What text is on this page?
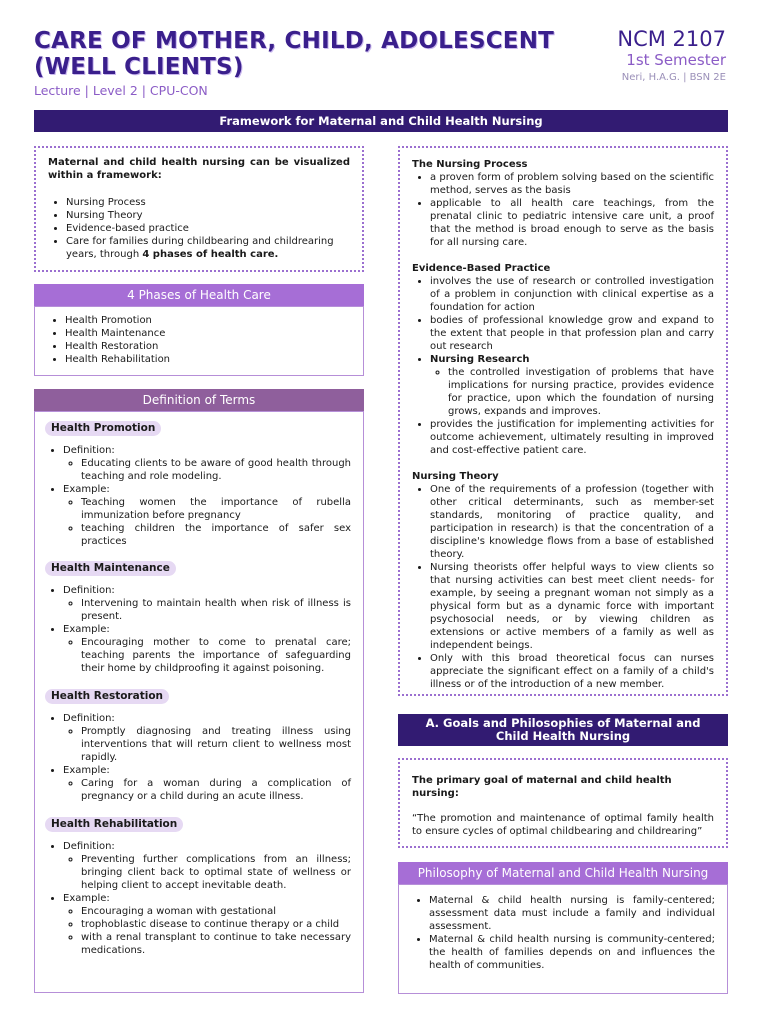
CARE OF MOTHER, CHILD, ADOLESCENT (WELL CLIENTS)
Lecture | Level 2 | CPU-CON
NCM 2107
1st Semester
Neri, H.A.G. | BSN 2E
Framework for Maternal and Child Health Nursing

Maternal and child health nursing can be visualized within a framework:

• Nursing Process
• Nursing Theory
• Evidence-based practice
• Care for families during childbearing and childrearing years, through 4 phases of health care.
4 Phases of Health Care
• Health Promotion
• Health Maintenance
• Health Restoration
• Health Rehabilitation
Definition of Terms
Health Promotion
• Definition:
◦ Educating clients to be aware of good health through teaching and role modeling.
• Example:
◦ Teaching women the importance of rubella immunization before pregnancy
◦ teaching children the importance of safer sex practices
Health Maintenance
• Definition:
◦ Intervening to maintain health when risk of illness is present.
• Example:
◦ Encouraging mother to come to prenatal care; teaching parents the importance of safeguarding their home by childproofing it against poisoning.
Health Restoration
• Definition:
◦ Promptly diagnosing and treating illness using interventions that will return client to wellness most rapidly.
• Example:
◦ Caring for a woman during a complication of pregnancy or a child during an acute illness.
Health Rehabilitation
• Definition:
◦ Preventing further complications from an illness; bringing client back to optimal state of wellness or helping client to accept inevitable death.
• Example:
◦ Encouraging a woman with gestational
◦ trophoblastic disease to continue therapy or a child
◦ with a renal transplant to continue to take necessary medications.

The Nursing Process

• a proven form of problem solving based on the scientific method, serves as the basis
• applicable to all health care teachings, from the prenatal clinic to pediatric intensive care unit, a proof that the method is broad enough to serve as the basis for all nursing care.

Evidence-Based Practice

• involves the use of research or controlled investigation of a problem in conjunction with clinical expertise as a foundation for action
• bodies of professional knowledge grow and expand to the extent that people in that profession plan and carry out research
• Nursing Research
◦ the controlled investigation of problems that have implications for nursing practice, provides evidence for practice, upon which the foundation of nursing grows, expands and improves.
• provides the justification for implementing activities for outcome achievement, ultimately resulting in improved and cost-effective patient care.

Nursing Theory

• One of the requirements of a profession (together with other critical determinants, such as member-set standards, monitoring of practice quality, and participation in research) is that the concentration of a discipline's knowledge flows from a base of established theory.
• Nursing theorists offer helpful ways to view clients so that nursing activities can best meet client needs- for example, by seeing a pregnant woman not simply as a physical form but as a dynamic force with important psychosocial needs, or by viewing children as extensions or active members of a family as well as independent beings.
• Only with this broad theoretical focus can nurses appreciate the significant effect on a family of a child's illness or of the introduction of a new member.
A. Goals and Philosophies of Maternal and Child Health Nursing

The primary goal of maternal and child health nursing:

“The promotion and maintenance of optimal family health to ensure cycles of optimal childbearing and childrearing”

Philosophy of Maternal and Child Health Nursing
• Maternal & child health nursing is family-centered; assessment data must include a family and individual assessment.
• Maternal & child health nursing is community-centered; the health of families depends on and influences the health of communities.
